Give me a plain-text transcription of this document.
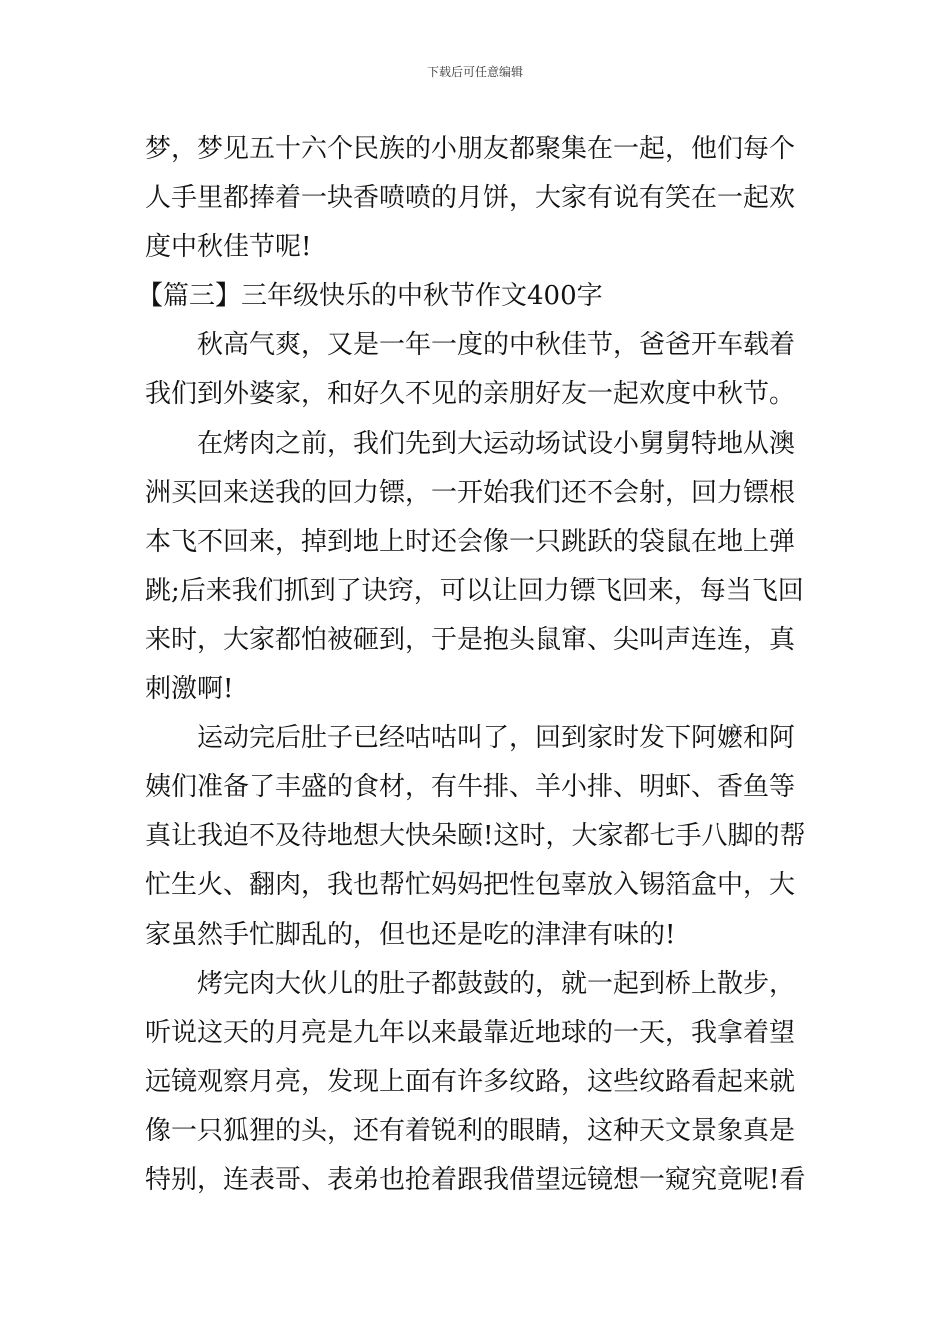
下载后可任意编辑
梦，梦见五十六个民族的小朋友都聚集在一起，他们每个
人手里都捧着一块香喷喷的月饼，大家有说有笑在一起欢
度中秋佳节呢!
【篇三】三年级快乐的中秋节作文400字
秋高气爽，又是一年一度的中秋佳节，爸爸开车载着
我们到外婆家，和好久不见的亲朋好友一起欢度中秋节。
在烤肉之前，我们先到大运动场试设小舅舅特地从澳
洲买回来送我的回力镖，一开始我们还不会射，回力镖根
本飞不回来，掉到地上时还会像一只跳跃的袋鼠在地上弹
跳;后来我们抓到了诀窍，可以让回力镖飞回来，每当飞回
来时，大家都怕被砸到，于是抱头鼠窜、尖叫声连连，真
刺激啊!
运动完后肚子已经咕咕叫了，回到家时发下阿嬷和阿
姨们准备了丰盛的食材，有牛排、羊小排、明虾、香鱼等
真让我迫不及待地想大快朵颐!这时，大家都七手八脚的帮
忙生火、翻肉，我也帮忙妈妈把性包辜放入锡箔盒中，大
家虽然手忙脚乱的，但也还是吃的津津有味的!
烤完肉大伙儿的肚子都鼓鼓的，就一起到桥上散步，
听说这天的月亮是九年以来最靠近地球的一天，我拿着望
远镜观察月亮，发现上面有许多纹路，这些纹路看起来就
像一只狐狸的头，还有着锐利的眼睛，这种天文景象真是
特别，连表哥、表弟也抢着跟我借望远镜想一窥究竟呢!看
